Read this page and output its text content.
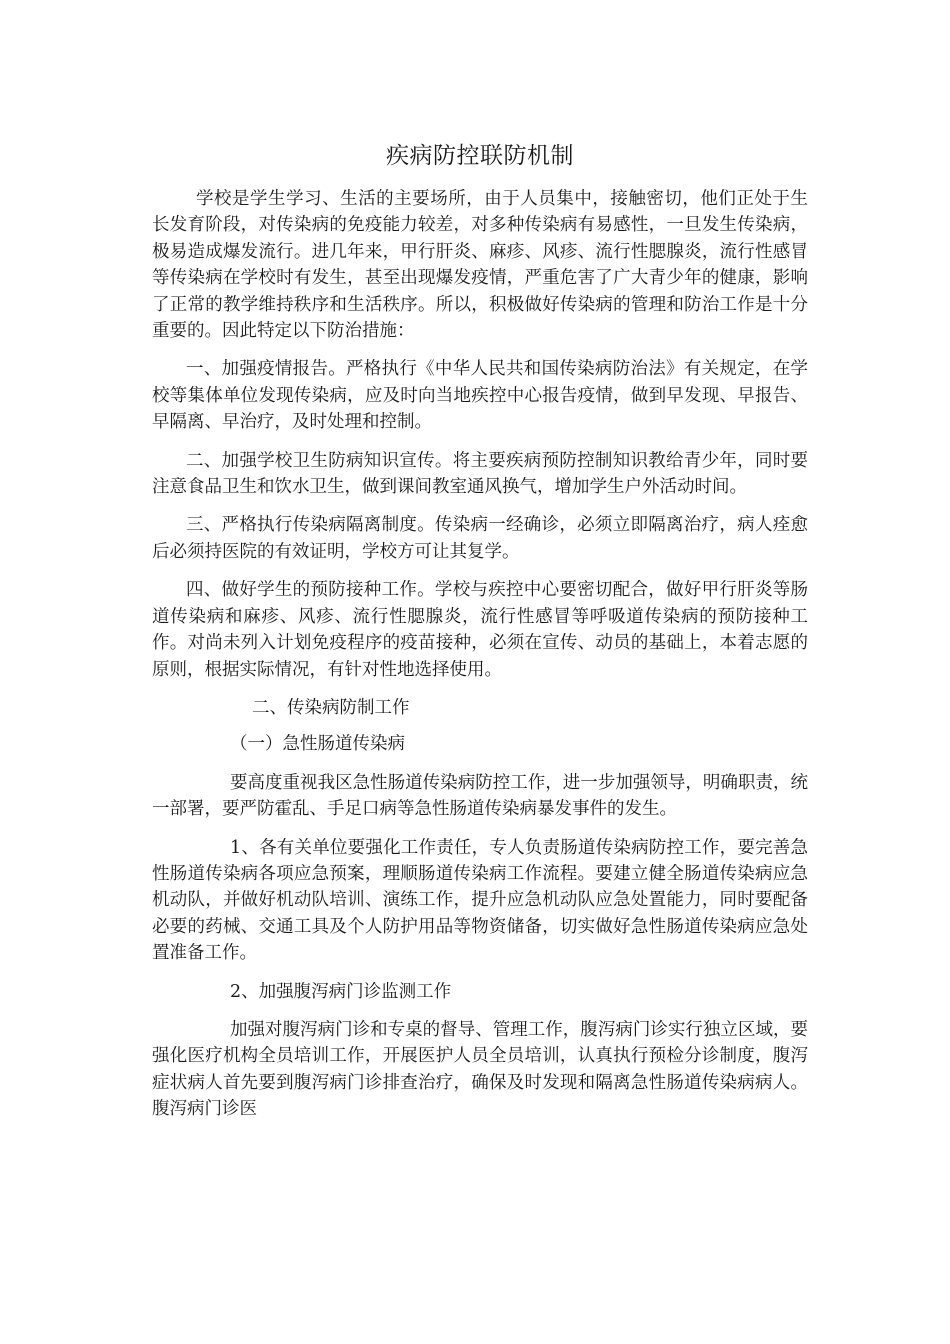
疾病防控联防机制

学校是学生学习、生活的主要场所，由于人员集中，接触密切，他们正处于生长发育阶段，对传染病的免疫能力较差，对多种传染病有易感性，一旦发生传染病，极易造成爆发流行。进几年来，甲行肝炎、麻疹、风疹、流行性腮腺炎，流行性感冒等传染病在学校时有发生，甚至出现爆发疫情，严重危害了广大青少年的健康，影响了正常的教学维持秩序和生活秩序。所以，积极做好传染病的管理和防治工作是十分重要的。因此特定以下防治措施：

一、加强疫情报告。严格执行《中华人民共和国传染病防治法》有关规定，在学校等集体单位发现传染病，应及时向当地疾控中心报告疫情，做到早发现、早报告、早隔离、早治疗，及时处理和控制。

二、加强学校卫生防病知识宣传。将主要疾病预防控制知识教给青少年，同时要注意食品卫生和饮水卫生，做到课间教室通风换气，增加学生户外活动时间。

三、严格执行传染病隔离制度。传染病一经确诊，必须立即隔离治疗，病人痊愈后必须持医院的有效证明，学校方可让其复学。

四、做好学生的预防接种工作。学校与疾控中心要密切配合，做好甲行肝炎等肠道传染病和麻疹、风疹、流行性腮腺炎，流行性感冒等呼吸道传染病的预防接种工作。对尚未列入计划免疫程序的疫苗接种，必须在宣传、动员的基础上，本着志愿的原则，根据实际情况，有针对性地选择使用。

二、传染病防制工作
（一）急性肠道传染病

要高度重视我区急性肠道传染病防控工作，进一步加强领导，明确职责，统一部署，要严防霍乱、手足口病等急性肠道传染病暴发事件的发生。

1、各有关单位要强化工作责任，专人负责肠道传染病防控工作，要完善急性肠道传染病各项应急预案，理顺肠道传染病工作流程。要建立健全肠道传染病应急机动队，并做好机动队培训、演练工作，提升应急机动队应急处置能力，同时要配备必要的药械、交通工具及个人防护用品等物资储备，切实做好急性肠道传染病应急处置准备工作。

2、加强腹泻病门诊监测工作

加强对腹泻病门诊和专桌的督导、管理工作，腹泻病门诊实行独立区域，要强化医疗机构全员培训工作，开展医护人员全员培训，认真执行预检分诊制度，腹泻症状病人首先要到腹泻病门诊排查治疗，确保及时发现和隔离急性肠道传染病病人。腹泻病门诊医
